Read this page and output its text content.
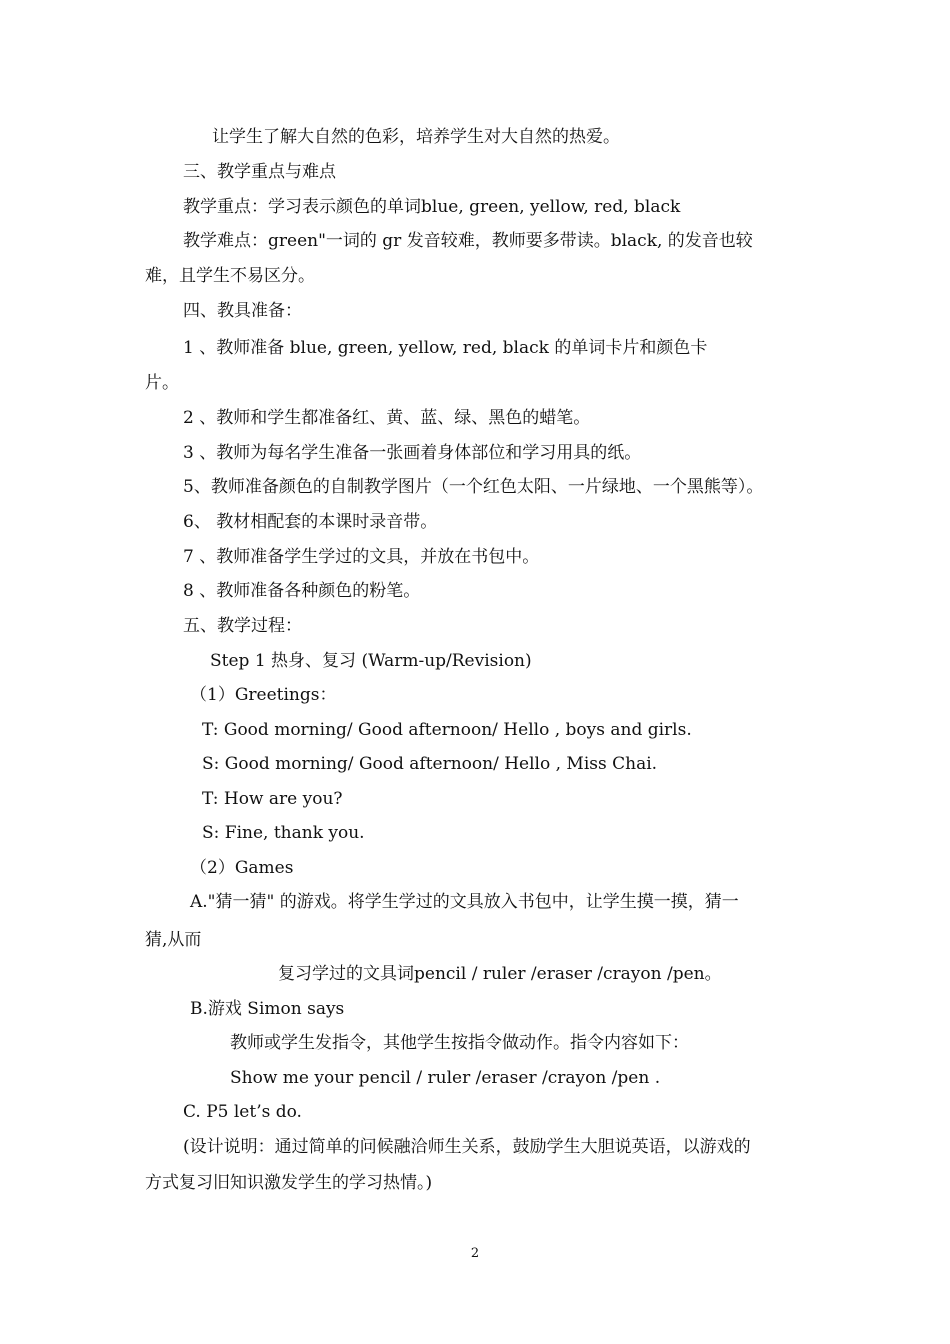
让学生了解大自然的色彩，培养学生对大自然的热爱。
三、教学重点与难点
教学重点：学习表示颜色的单词blue, green, yellow, red, black
教学难点：green"一词的 gr 发音较难，教师要多带读。black, 的发音也较
难，且学生不易区分。
四、教具准备：
1 、教师准备 blue, green, yellow, red, black 的单词卡片和颜色卡
片。
2 、教师和学生都准备红、黄、蓝、绿、黑色的蜡笔。
3 、教师为每名学生准备一张画着身体部位和学习用具的纸。
5、教师准备颜色的自制教学图片（一个红色太阳、一片绿地、一个黑熊等）。
6、 教材相配套的本课时录音带。
7 、教师准备学生学过的文具，并放在书包中。
8 、教师准备各种颜色的粉笔。
五、教学过程：
Step 1 热身、复习 (Warm-up/Revision)
（1）Greetings：
T: Good morning/ Good afternoon/ Hello , boys and girls.
S: Good morning/ Good afternoon/ Hello , Miss Chai.
T: How are you?
S: Fine, thank you.
（2）Games
A."猜一猜" 的游戏。将学生学过的文具放入书包中，让学生摸一摸，猜一
猜,从而
复习学过的文具词pencil / ruler /eraser /crayon /pen。
B.游戏 Simon says
教师或学生发指令，其他学生按指令做动作。指令内容如下：
Show me your pencil / ruler /eraser /crayon /pen .
C. P5 let’s do.
(设计说明：通过简单的问候融洽师生关系，鼓励学生大胆说英语，以游戏的
方式复习旧知识激发学生的学习热情。)
2
